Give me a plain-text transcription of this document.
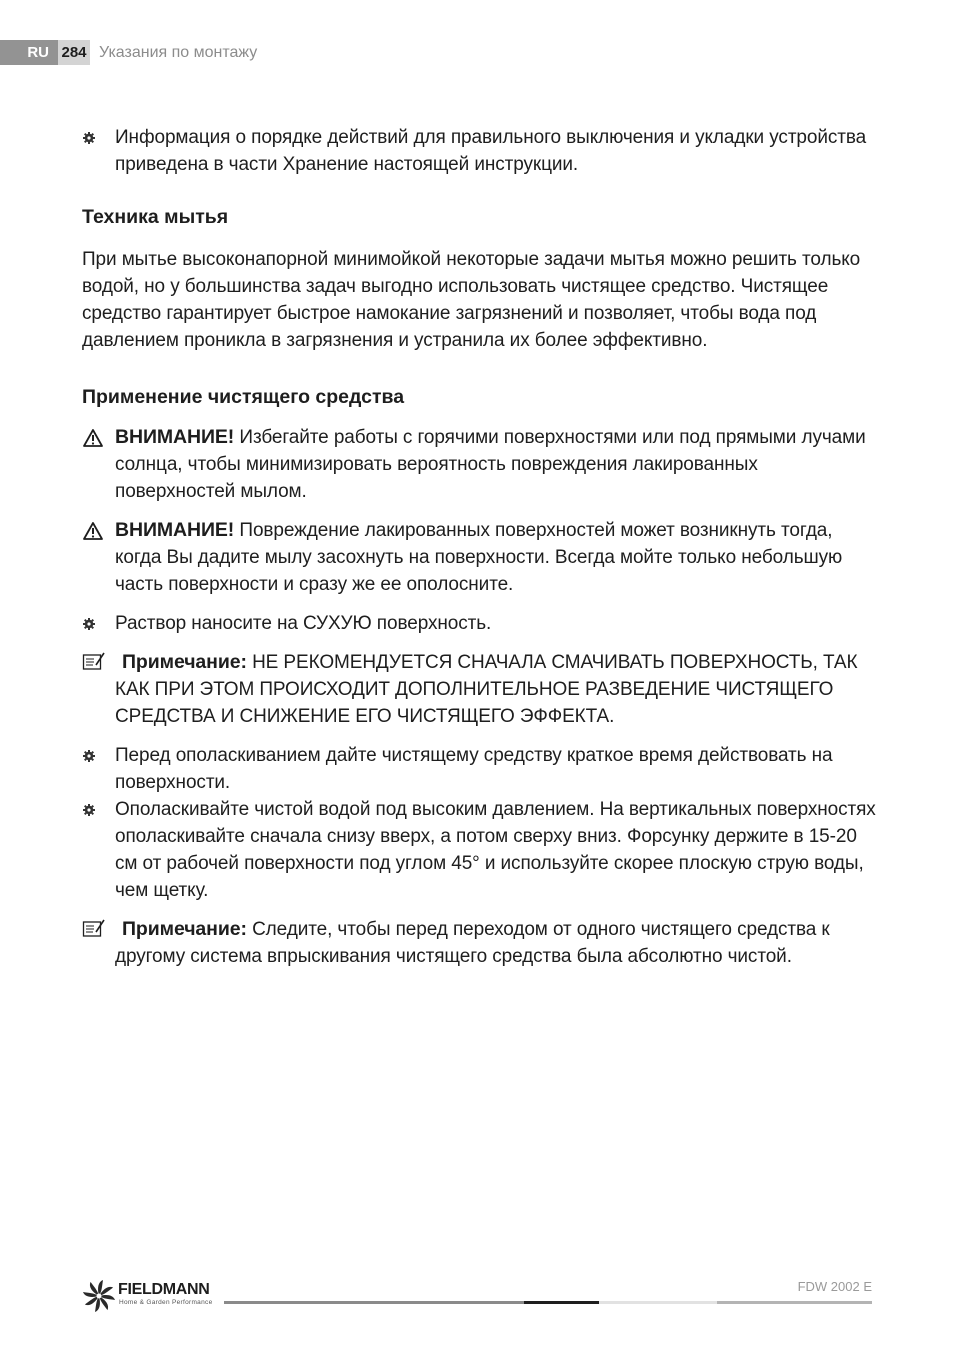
RU 284 Указания по монтажу
Информация о порядке действий для правильного выключения и укладки устройства приведена в части Хранение настоящей инструкции.
Техника мытья

При мытье высоконапорной минимойкой некоторые задачи мытья можно решить только водой, но у большинства задач выгодно использовать чистящее средство. Чистящее средство гарантирует быстрое намокание загрязнений и позволяет, чтобы вода под давлением проникла в загрязнения и устранила их более эффективно.

Применение чистящего средства
ВНИМАНИЕ! Избегайте работы с горячими поверхностями или под прямыми лучами солнца, чтобы минимизировать вероятность повреждения лакированных поверхностей мылом.
ВНИМАНИЕ! Повреждение лакированных поверхностей может возникнуть тогда, когда Вы дадите мылу засохнуть на поверхности. Всегда мойте только небольшую часть поверхности и сразу же ее ополосните.
Раствор наносите на СУХУЮ поверхность.
Примечание: НЕ РЕКОМЕНДУЕТСЯ СНАЧАЛА СМАЧИВАТЬ ПОВЕРХНОСТЬ, ТАК КАК ПРИ ЭТОМ ПРОИСХОДИТ ДОПОЛНИТЕЛЬНОЕ РАЗВЕДЕНИЕ ЧИСТЯЩЕГО СРЕДСТВА И СНИЖЕНИЕ ЕГО ЧИСТЯЩЕГО ЭФФЕКТА.
Перед ополаскиванием дайте чистящему средству краткое время действовать на поверхности.
Ополаскивайте чистой водой под высоким давлением. На вертикальных поверхностях ополаскивайте сначала снизу вверх, а потом сверху вниз. Форсунку держите в 15-20 см от рабочей поверхности под углом 45° и используйте скорее плоскую струю воды, чем щетку.
Примечание: Следите, чтобы перед переходом от одного чистящего средства к другому система впрыскивания чистящего средства была абсолютно чистой.
FIELDMANN
Home & Garden Performance
FDW 2002 E
